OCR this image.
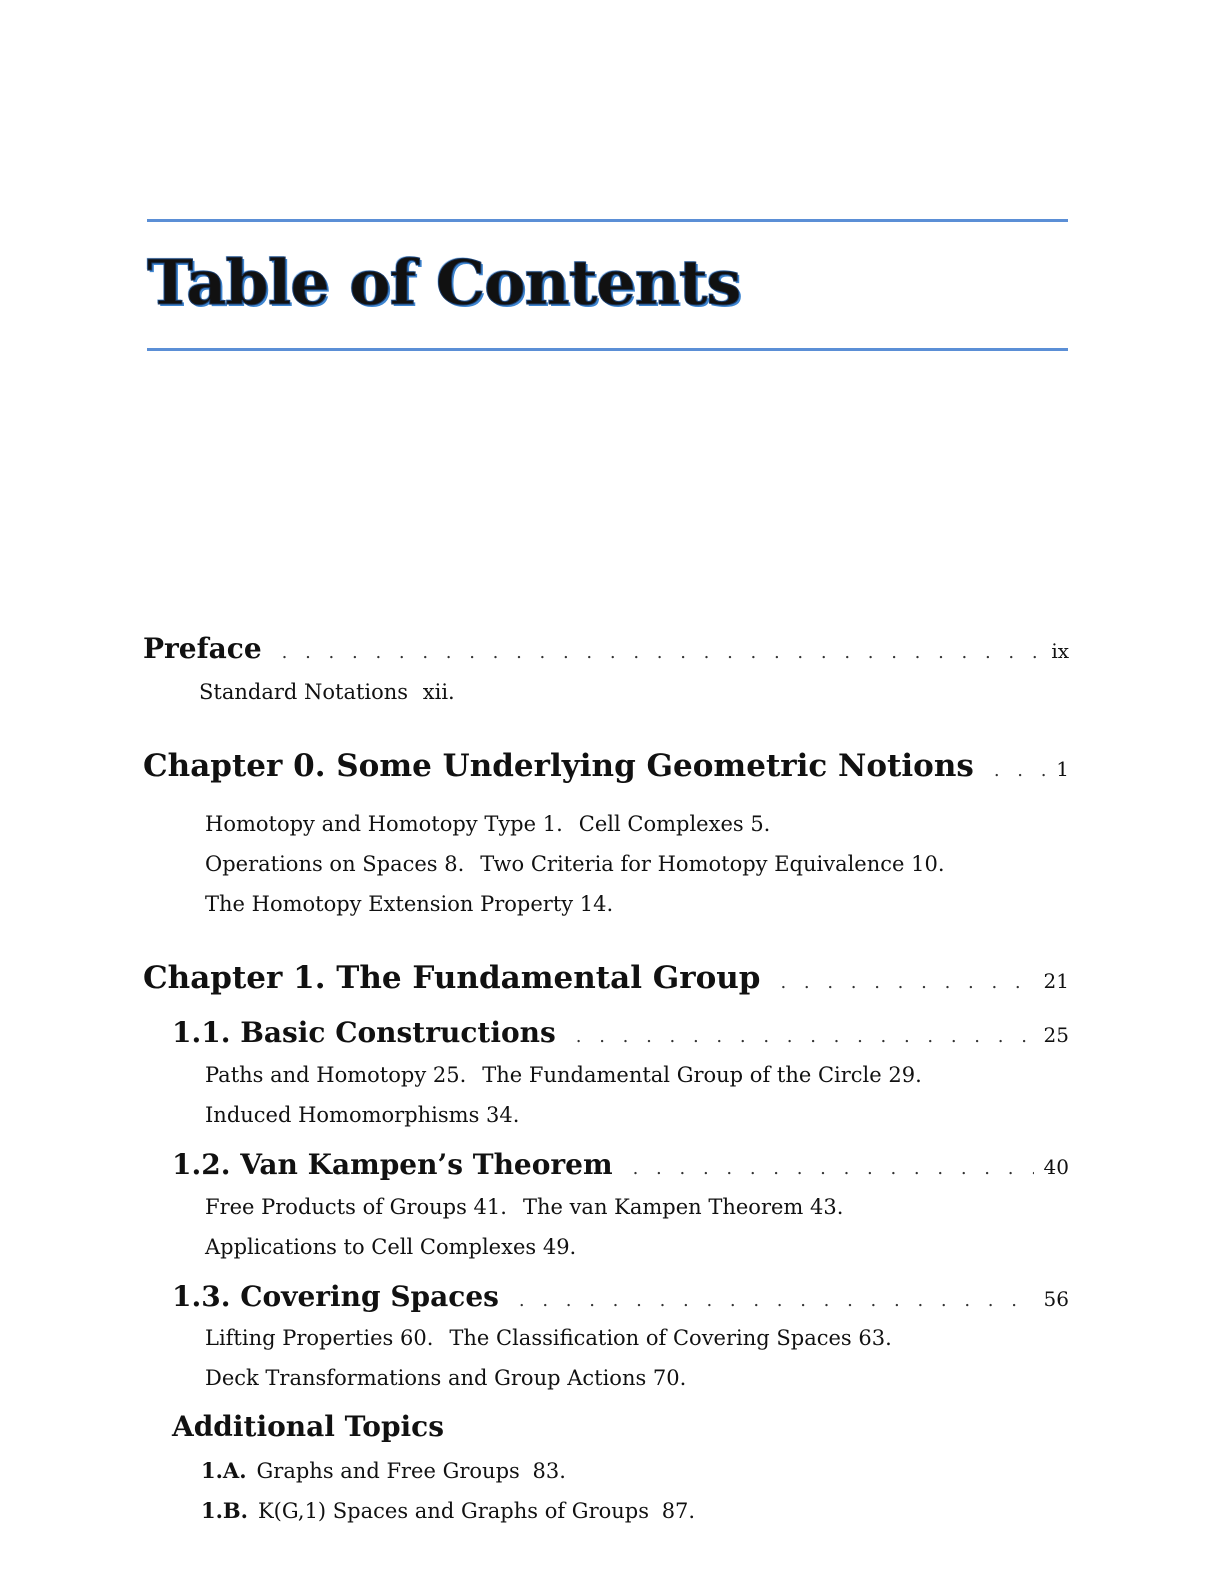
Table of Contents
Preface . . .	ix
Standard Notations xii.
Chapter 0. Some Underlying Geometric Notions . . .	1
Homotopy and Homotopy Type 1. Cell Complexes 5.
Operations on Spaces 8. Two Criteria for Homotopy Equivalence 10.
The Homotopy Extension Property 14.
Chapter 1. The Fundamental Group . . .	21
1.1. Basic Constructions . . .	25
Paths and Homotopy 25. The Fundamental Group of the Circle 29.
Induced Homomorphisms 34.
1.2. Van Kampen’s Theorem . . .	40
Free Products of Groups 41. The van Kampen Theorem 43.
Applications to Cell Complexes 49.
1.3. Covering Spaces . . .	56
Lifting Properties 60. The Classification of Covering Spaces 63.
Deck Transformations and Group Actions 70.
Additional Topics
1.A. Graphs and Free Groups 83.
1.B. K(G,1) Spaces and Graphs of Groups 87.
